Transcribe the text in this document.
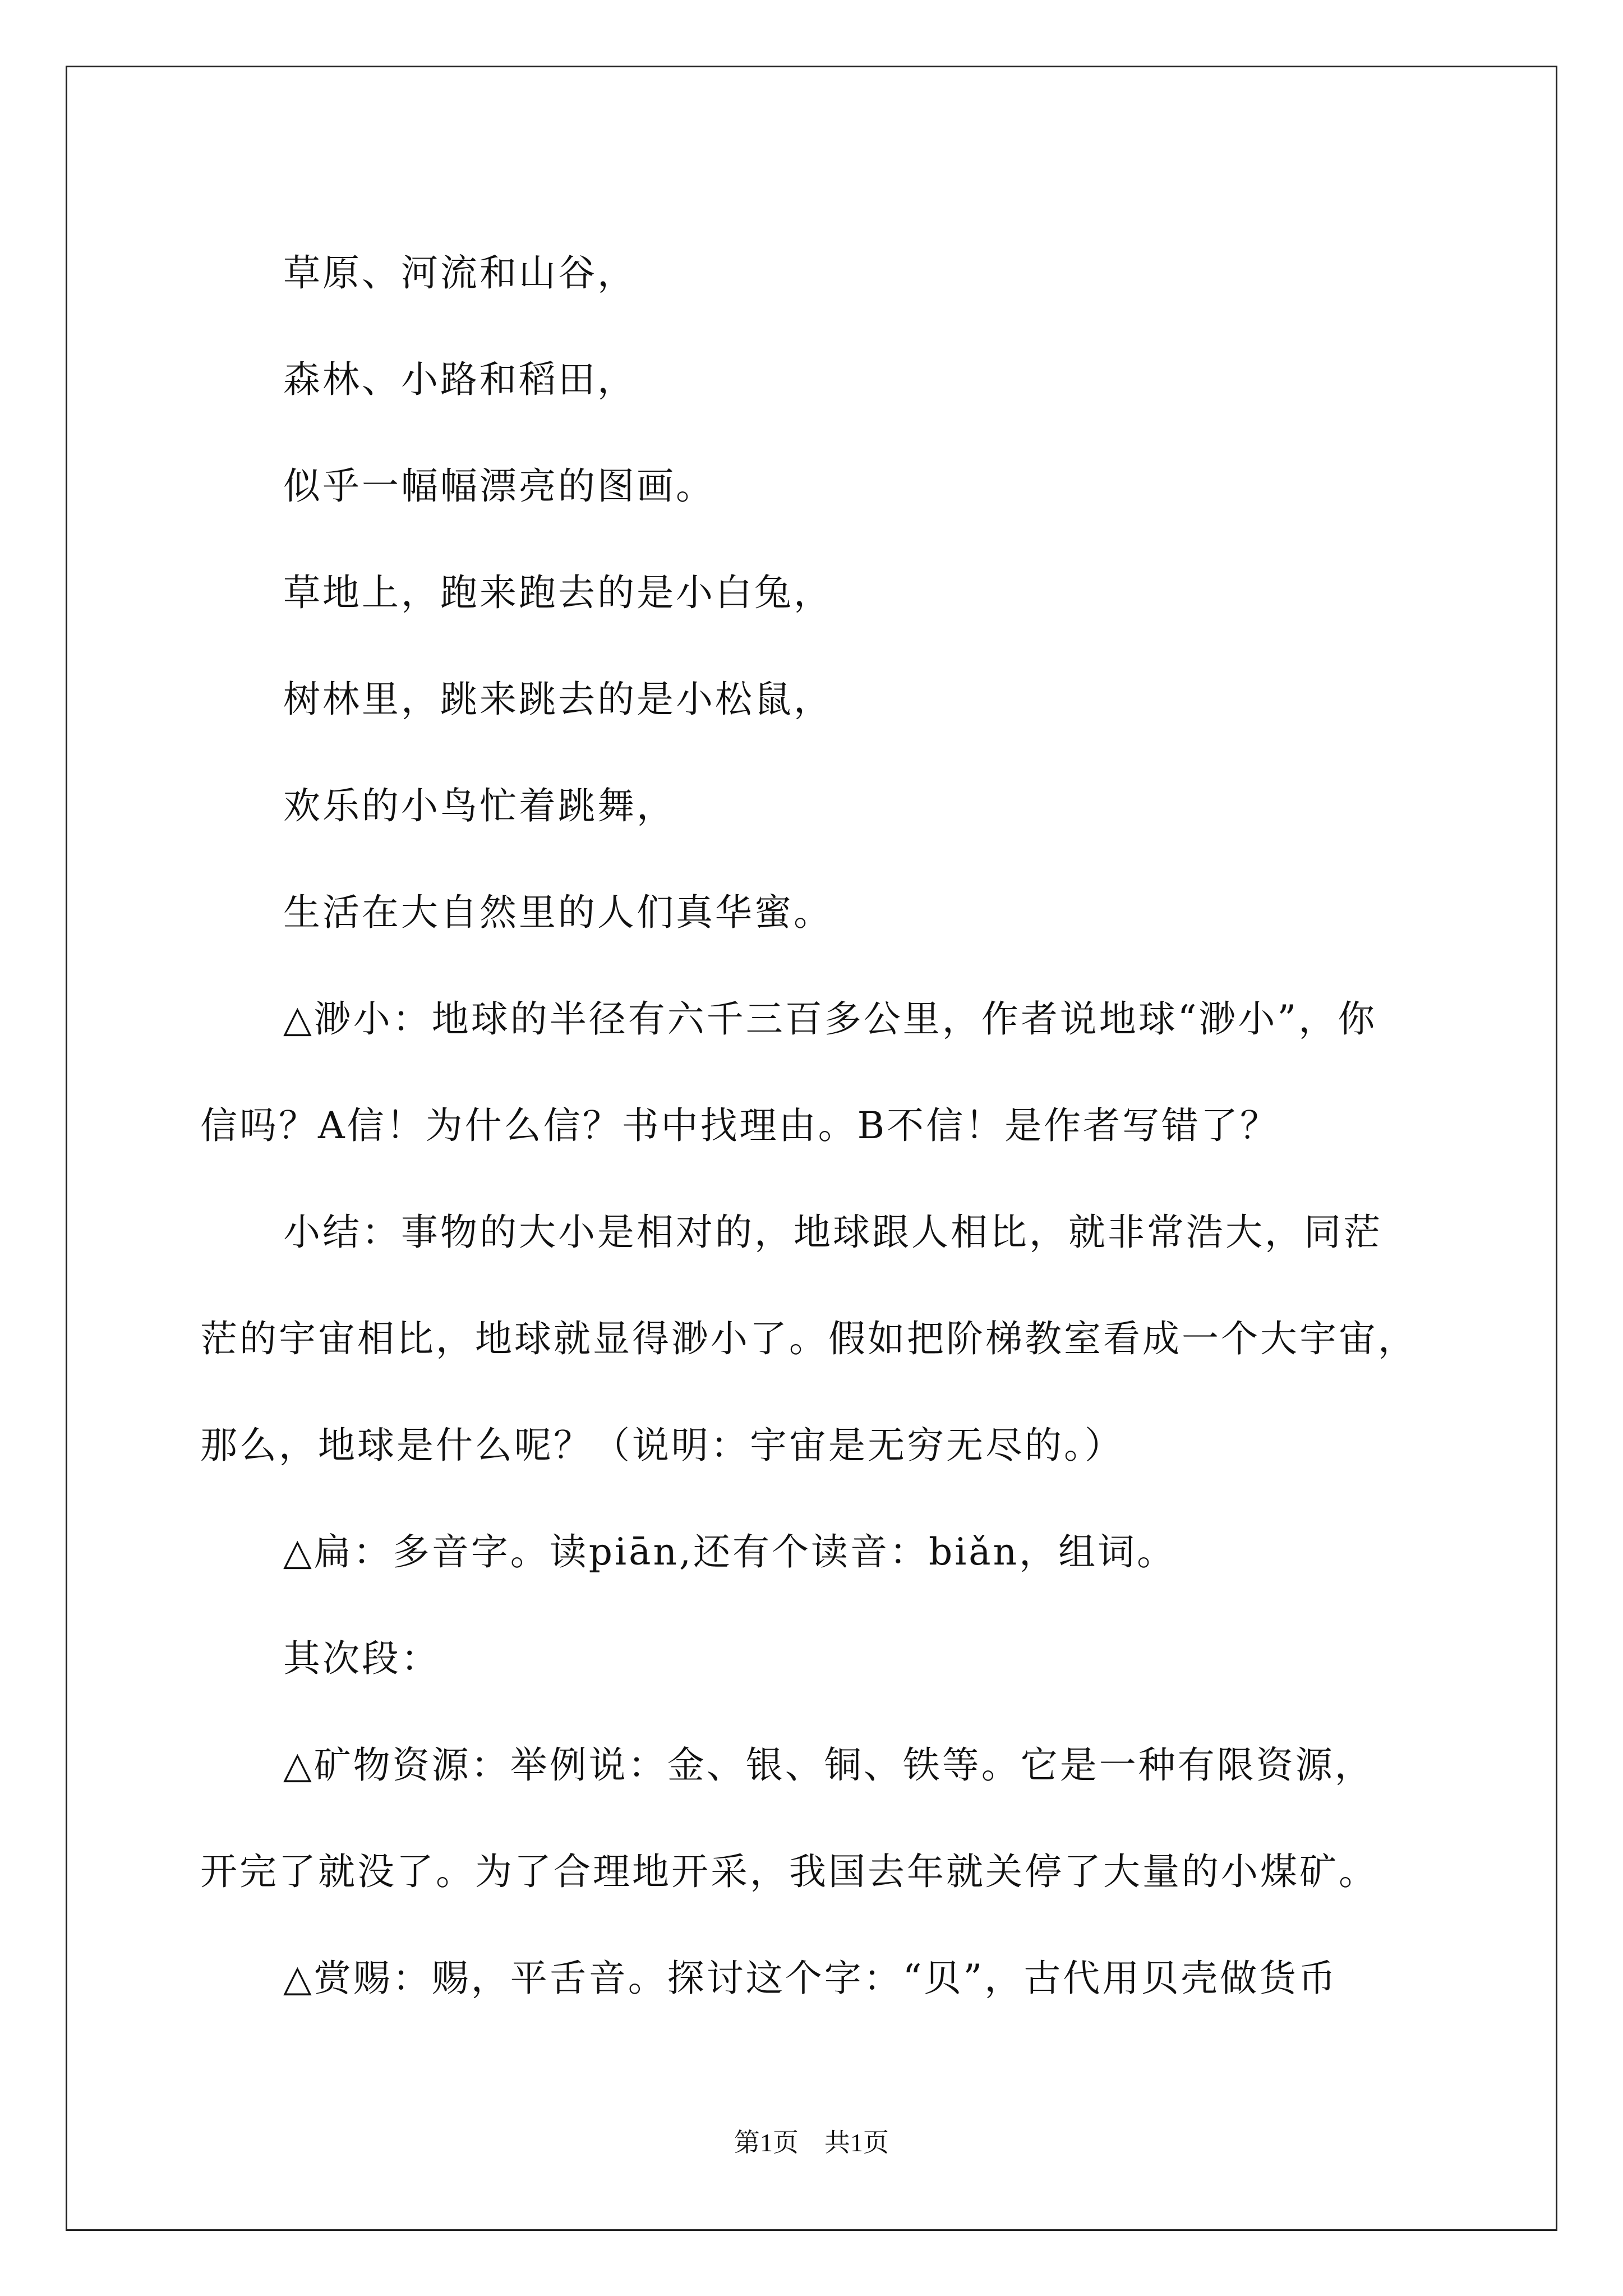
草原、河流和山谷，
森林、小路和稻田，
似乎一幅幅漂亮的图画。
草地上，跑来跑去的是小白兔，
树林里，跳来跳去的是小松鼠，
欢乐的小鸟忙着跳舞，
生活在大自然里的人们真华蜜。
△渺小：地球的半径有六千三百多公里，作者说地球“渺小”，你
信吗？A信！为什么信？书中找理由。B不信！是作者写错了？
小结：事物的大小是相对的，地球跟人相比，就非常浩大，同茫
茫的宇宙相比，地球就显得渺小了。假如把阶梯教室看成一个大宇宙，
那么，地球是什么呢？（说明：宇宙是无穷无尽的。）
△扁：多音字。读piān,还有个读音：biǎn，组词。
其次段：
△矿物资源：举例说：金、银、铜、铁等。它是一种有限资源，
开完了就没了。为了合理地开采，我国去年就关停了大量的小煤矿。
△赏赐：赐，平舌音。探讨这个字：“贝”，古代用贝壳做货币
第1页　共1页
